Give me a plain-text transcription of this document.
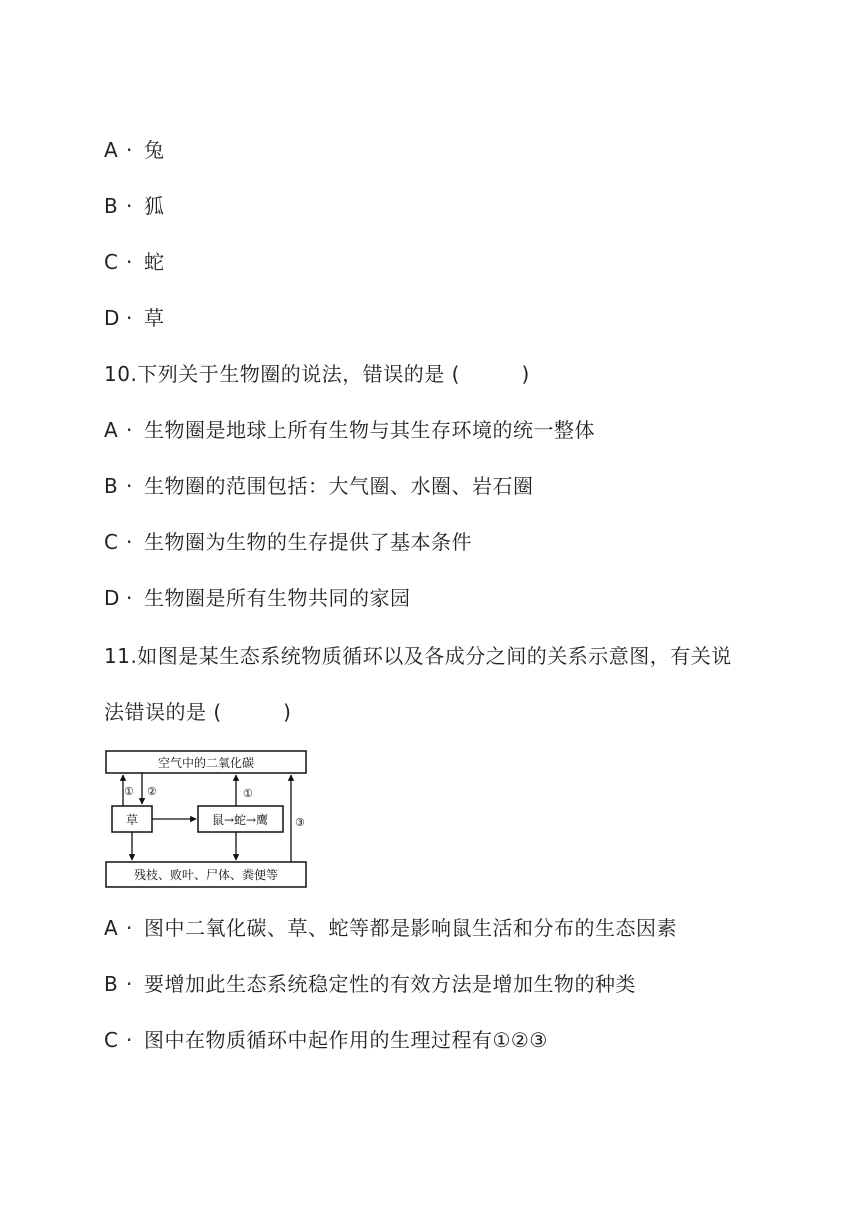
A · 兔
B · 狐
C · 蛇
D · 草
10.下列关于生物圈的说法，错误的是 (　　　)
A · 生物圈是地球上所有生物与其生存环境的统一整体
B · 生物圈的范围包括：大气圈、水圈、岩石圈
C · 生物圈为生物的生存提供了基本条件
D · 生物圈是所有生物共同的家园
11.如图是某生态系统物质循环以及各成分之间的关系示意图，有关说
法错误的是 (　　　)
空气中的二氧化碳
草	鼠→蛇→鹰
残枝、败叶、尸体、粪便等
① ②	①
③
A · 图中二氧化碳、草、蛇等都是影响鼠生活和分布的生态因素
B · 要增加此生态系统稳定性的有效方法是增加生物的种类
C · 图中在物质循环中起作用的生理过程有①②③
